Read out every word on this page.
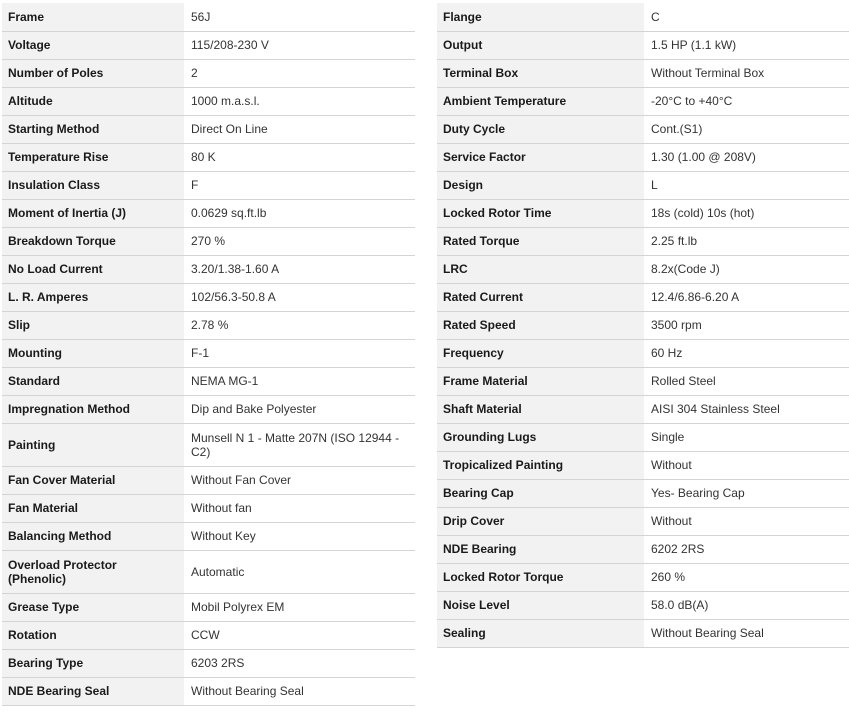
Frame	56J
Voltage	115/208-230 V
Number of Poles	2
Altitude	1000 m.a.s.l.
Starting Method	Direct On Line
Temperature Rise	80 K
Insulation Class	F
Moment of Inertia (J)	0.0629 sq.ft.lb
Breakdown Torque	270 %
No Load Current	3.20/1.38-1.60 A
L. R. Amperes	102/56.3-50.8 A
Slip	2.78 %
Mounting	F-1
Standard	NEMA MG-1
Impregnation Method	Dip and Bake Polyester
Painting	Munsell N 1 - Matte 207N (ISO 12944 - C2)

Fan Cover Material	Without Fan Cover
Fan Material	Without fan
Balancing Method	Without Key
Overload Protector (Phenolic)	Automatic
Grease Type	Mobil Polyrex EM
Rotation	CCW
Bearing Type	6203 2RS
NDE Bearing Seal	Without Bearing Seal
Flange	C
Output	1.5 HP (1.1 kW)
Terminal Box	Without Terminal Box
Ambient Temperature	-20°C to +40°C
Duty Cycle	Cont.(S1)
Service Factor	1.30 (1.00 @ 208V)
Design	L
Locked Rotor Time	18s (cold) 10s (hot)
Rated Torque	2.25 ft.lb
LRC	8.2x(Code J)
Rated Current	12.4/6.86-6.20 A
Rated Speed	3500 rpm
Frequency	60 Hz
Frame Material	Rolled Steel
Shaft Material	AISI 304 Stainless Steel
Grounding Lugs	Single
Tropicalized Painting	Without
Bearing Cap	Yes- Bearing Cap
Drip Cover	Without
NDE Bearing	6202 2RS
Locked Rotor Torque	260 %
Noise Level	58.0 dB(A)
Sealing	Without Bearing Seal
